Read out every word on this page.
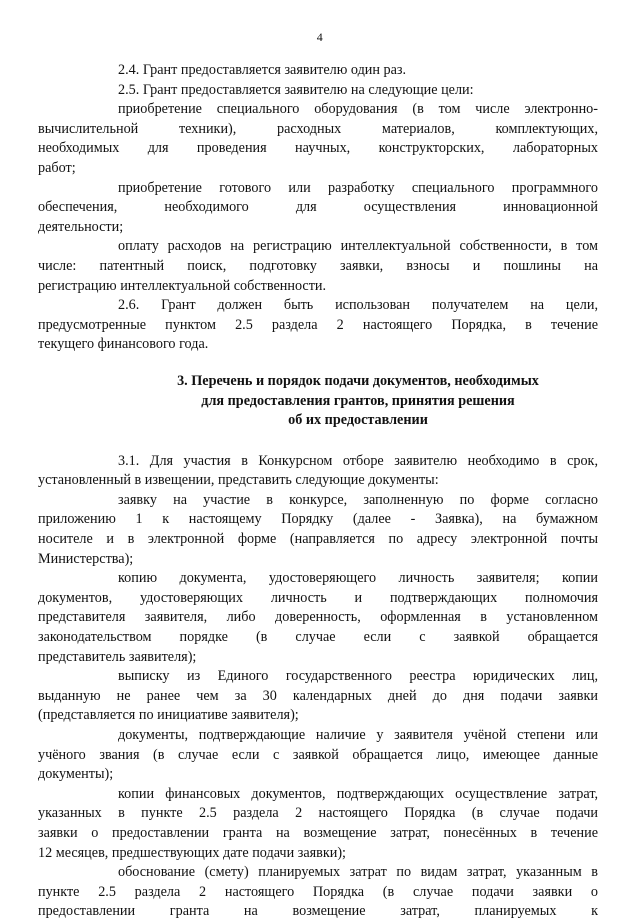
4
2.4. Грант предоставляется заявителю один раз.
2.5. Грант предоставляется заявителю на следующие цели:
приобретение специального оборудования (в том числе электронно-
вычислительной техники), расходных материалов, комплектующих,
необходимых для проведения научных, конструкторских, лабораторных
работ;
приобретение готового или разработку специального программного
обеспечения, необходимого для осуществления инновационной
деятельности;
оплату расходов на регистрацию интеллектуальной собственности, в том
числе: патентный поиск, подготовку заявки, взносы и пошлины на
регистрацию интеллектуальной собственности.
2.6. Грант должен быть использован получателем на цели,
предусмотренные пунктом 2.5 раздела 2 настоящего Порядка, в течение
текущего финансового года.
3. Перечень и порядок подачи документов, необходимых
для предоставления грантов, принятия решения
об их предоставлении
3.1. Для участия в Конкурсном отборе заявителю необходимо в срок,
установленный в извещении, представить следующие документы:
заявку на участие в конкурсе, заполненную по форме согласно
приложению 1 к настоящему Порядку (далее - Заявка), на бумажном
носителе и в электронной форме (направляется по адресу электронной почты
Министерства);
копию документа, удостоверяющего личность заявителя; копии
документов, удостоверяющих личность и подтверждающих полномочия
представителя заявителя, либо доверенность, оформленная в установленном
законодательством порядке (в случае если с заявкой обращается
представитель заявителя);
выписку из Единого государственного реестра юридических лиц,
выданную не ранее чем за 30 календарных дней до дня подачи заявки
(представляется по инициативе заявителя);
документы, подтверждающие наличие у заявителя учёной степени или
учёного звания (в случае если с заявкой обращается лицо, имеющее данные
документы);
копии финансовых документов, подтверждающих осуществление затрат,
указанных в пункте 2.5 раздела 2 настоящего Порядка (в случае подачи
заявки о предоставлении гранта на возмещение затрат, понесённых в течение
12 месяцев, предшествующих дате подачи заявки);
обоснование (смету) планируемых затрат по видам затрат, указанным в
пункте 2.5 раздела 2 настоящего Порядка (в случае подачи заявки о
предоставлении гранта на возмещение затрат, планируемых к
